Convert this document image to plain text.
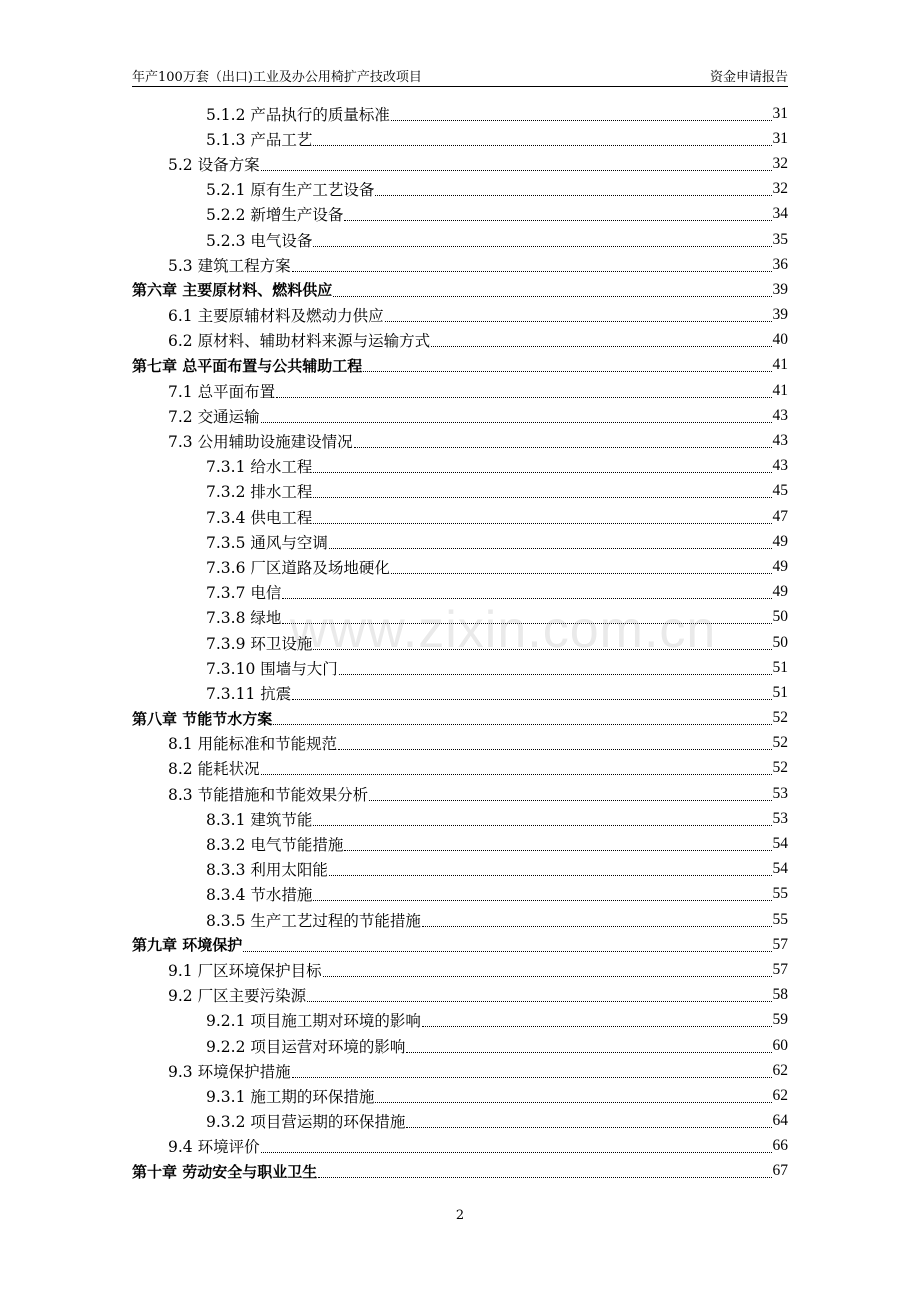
年产100万套（出口)工业及办公用椅扩产技改项目	资金申请报告
5.1.2 产品执行的质量标准	31
5.1.3 产品工艺	31
5.2 设备方案	32
5.2.1 原有生产工艺设备	32
5.2.2 新增生产设备	34
5.2.3 电气设备	35
5.3 建筑工程方案	36
第六章 主要原材料、燃料供应	39
6.1 主要原辅材料及燃动力供应	39
6.2 原材料、辅助材料来源与运输方式	40
第七章 总平面布置与公共辅助工程	41
7.1 总平面布置	41
7.2 交通运输	43
7.3 公用辅助设施建设情况	43
7.3.1 给水工程	43
7.3.2 排水工程	45
7.3.4 供电工程	47
7.3.5 通风与空调	49
7.3.6 厂区道路及场地硬化	49
7.3.7 电信	49
7.3.8 绿地	50
7.3.9 环卫设施	50
7.3.10 围墙与大门	51
7.3.11 抗震	51
第八章 节能节水方案	52
8.1 用能标准和节能规范	52
8.2 能耗状况	52
8.3 节能措施和节能效果分析	53
8.3.1 建筑节能	53
8.3.2 电气节能措施	54
8.3.3 利用太阳能	54
8.3.4 节水措施	55
8.3.5 生产工艺过程的节能措施	55
第九章 环境保护	57
9.1 厂区环境保护目标	57
9.2 厂区主要污染源	58
9.2.1 项目施工期对环境的影响	59
9.2.2 项目运营对环境的影响	60
9.3 环境保护措施	62
9.3.1 施工期的环保措施	62
9.3.2 项目营运期的环保措施	64
9.4 环境评价	66
第十章 劳动安全与职业卫生	67
www.zixin.com.cn
2
